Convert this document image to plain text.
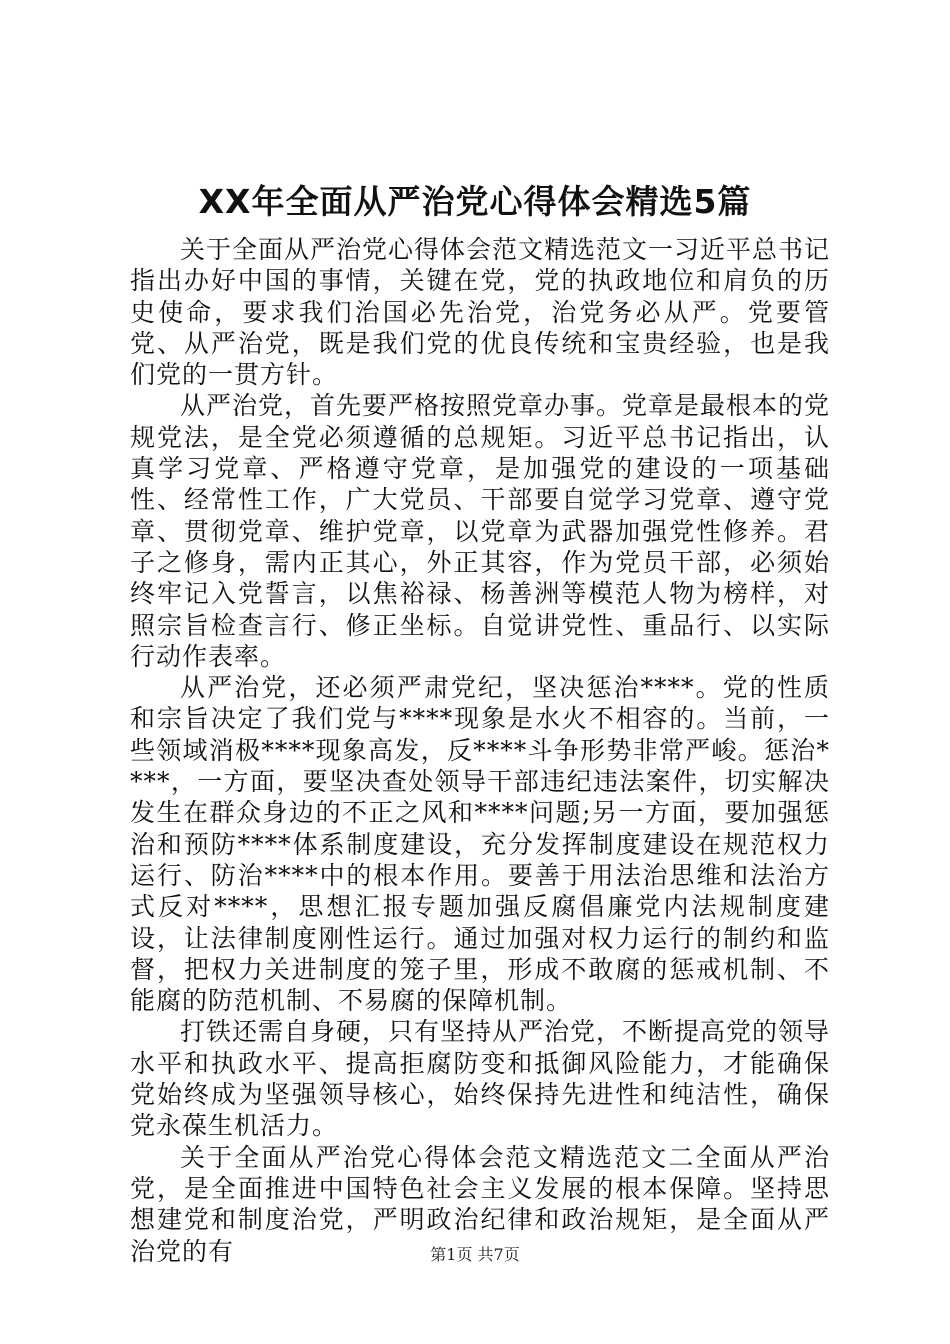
XX年全面从严治党心得体会精选5篇

关于全面从严治党心得体会范文精选范文一习近平总书记指出办好中国的事情，关键在党，党的执政地位和肩负的历史使命，要求我们治国必先治党，治党务必从严。党要管党、从严治党，既是我们党的优良传统和宝贵经验，也是我们党的一贯方针。

从严治党，首先要严格按照党章办事。党章是最根本的党规党法，是全党必须遵循的总规矩。习近平总书记指出，认真学习党章、严格遵守党章，是加强党的建设的一项基础性、经常性工作，广大党员、干部要自觉学习党章、遵守党章、贯彻党章、维护党章，以党章为武器加强党性修养。君子之修身，需内正其心，外正其容，作为党员干部，必须始终牢记入党誓言，以焦裕禄、杨善洲等模范人物为榜样，对照宗旨检查言行、修正坐标。自觉讲党性、重品行、以实际行动作表率。

从严治党，还必须严肃党纪，坚决惩治****。党的性质和宗旨决定了我们党与****现象是水火不相容的。当前，一些领域消极****现象高发，反****斗争形势非常严峻。惩治****，一方面，要坚决查处领导干部违纪违法案件，切实解决发生在群众身边的不正之风和****问题;另一方面，要加强惩治和预防****体系制度建设，充分发挥制度建设在规范权力运行、防治****中的根本作用。要善于用法治思维和法治方式反对****，思想汇报专题加强反腐倡廉党内法规制度建设，让法律制度刚性运行。通过加强对权力运行的制约和监督，把权力关进制度的笼子里，形成不敢腐的惩戒机制、不能腐的防范机制、不易腐的保障机制。

打铁还需自身硬，只有坚持从严治党，不断提高党的领导水平和执政水平、提高拒腐防变和抵御风险能力，才能确保党始终成为坚强领导核心，始终保持先进性和纯洁性，确保党永葆生机活力。

关于全面从严治党心得体会范文精选范文二全面从严治党，是全面推进中国特色社会主义发展的根本保障。坚持思想建党和制度治党，严明政治纪律和政治规矩，是全面从严治党的有	第1页 共7页
